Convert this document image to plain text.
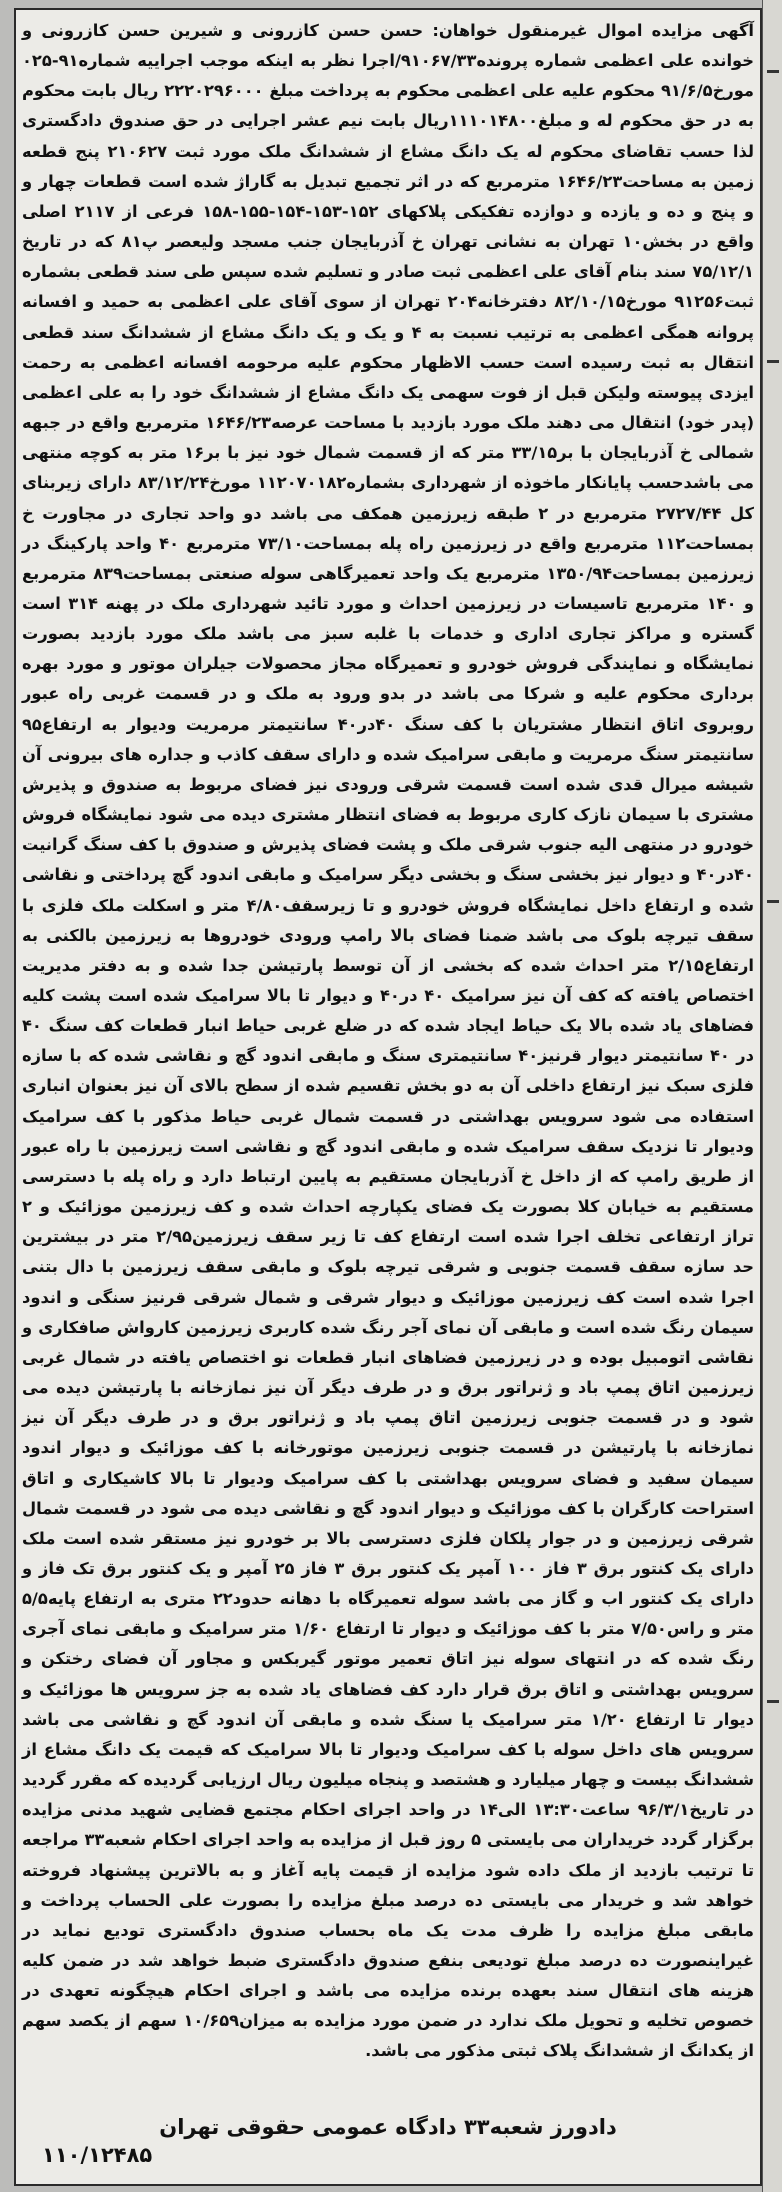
آگهی مزایده اموال غیرمنقول خواهان: حسن حسن کازرونی و شیرین حسن کازرونی و خوانده علی اعظمی شماره پرونده۹۱۰۶۷/۳۳/اجرا نظر به اینکه موجب اجراییه شماره۹۱-۰۲۵ مورخ۹۱/۶/۵ محکوم علیه علی اعظمی محکوم به پرداخت مبلغ ۲۲۲۰۲۹۶۰۰۰ ریال بابت محکوم به در حق محکوم له و مبلغ۱۱۱۰۱۴۸۰۰ریال بابت نیم عشر اجرایی در حق صندوق دادگستری لذا حسب تقاضای محکوم له یک دانگ مشاع از ششدانگ ملک مورد ثبت ۲۱۰۶۲۷ پنج قطعه زمین به مساحت۱۶۴۶/۲۳ مترمربع که در اثر تجمیع تبدیل به گاراژ شده است قطعات چهار و و پنج و ده و یازده و دوازده تفکیکی پلاکهای ۱۵۲-۱۵۳-۱۵۴-۱۵۵-۱۵۸ فرعی از ۲۱۱۷ اصلی واقع در بخش۱۰ تهران به نشانی تهران خ آذربایجان جنب مسجد ولیعصر پ۸۱ که در تاریخ ۷۵/۱۲/۱ سند بنام آقای علی اعظمی ثبت صادر و تسلیم شده سپس طی سند قطعی بشماره ثبت۹۱۲۵۶ مورخ۸۲/۱۰/۱۵ دفترخانه۲۰۴ تهران از سوی آقای علی اعظمی به حمید و افسانه پروانه همگی اعظمی به ترتیب نسبت به ۴ و یک و یک دانگ مشاع از ششدانگ سند قطعی انتقال به ثبت رسیده است حسب الاظهار محکوم علیه مرحومه افسانه اعظمی به رحمت ایزدی پیوسته ولیکن قبل از فوت سهمی یک دانگ مشاع از ششدانگ خود را به علی اعظمی (پدر خود) انتقال می دهند ملک مورد بازدید با مساحت عرصه۱۶۴۶/۲۳ مترمربع واقع در جبهه شمالی خ آذربایجان با بر۳۳/۱۵ متر که از قسمت شمال خود نیز با بر۱۶ متر به کوچه منتهی می باشدحسب پایانکار ماخوذه از شهرداری بشماره۱۱۲۰۷۰۱۸۲ مورخ۸۳/۱۲/۲۴ دارای زیربنای کل ۲۷۲۷/۴۴ مترمربع در ۲ طبقه زیرزمین همکف می باشد دو واحد تجاری در مجاورت خ بمساحت۱۱۲ مترمربع واقع در زیرزمین راه پله بمساحت۷۳/۱۰ مترمربع ۴۰ واحد پارکینگ در زیرزمین بمساحت۱۳۵۰/۹۴ مترمربع یک واحد تعمیرگاهی سوله صنعتی بمساحت۸۳۹ مترمربع و ۱۴۰ مترمربع تاسیسات در زیرزمین احداث و مورد تائید شهرداری ملک در پهنه ۳۱۴ است گستره و مراکز تجاری اداری و خدمات با غلبه سبز می باشد ملک مورد بازدید بصورت نمایشگاه و نمایندگی فروش خودرو و تعمیرگاه مجاز محصولات جیلران موتور و مورد بهره برداری محکوم علیه و شرکا می باشد در بدو ورود به ملک و در قسمت غربی راه عبور روبروی اتاق انتظار مشتریان با کف سنگ ۴۰در۴۰ سانتیمتر مرمریت وديوار به ارتفاع۹۵ سانتیمتر سنگ مرمریت و مابقی سرامیک شده و دارای سقف کاذب و جداره های بیرونی آن شیشه میرال قدی شده است قسمت شرقی ورودی نیز فضای مربوط به صندوق و پذیرش مشتری با سیمان نازک کاری مربوط به فضای انتظار مشتری دیده می شود نمایشگاه فروش خودرو در منتهی الیه جنوب شرقی ملک و پشت فضای پذیرش و صندوق با کف سنگ گرانیت ۴۰در۴۰ و دیوار نیز بخشی سنگ و بخشی دیگر سرامیک و مابقی اندود گچ پرداختی و نقاشی شده و ارتفاع داخل نمایشگاه فروش خودرو و تا زیرسقف۴/۸۰ متر و اسکلت ملک فلزی با سقف تیرچه بلوک می باشد ضمنا فضای بالا رامپ ورودی خودروها به زیرزمین بالکنی به ارتفاع۲/۱۵ متر احداث شده که بخشی از آن توسط پارتیشن جدا شده و به دفتر مدیریت اختصاص یافته که کف آن نیز سرامیک ۴۰ در۴۰ و دیوار تا بالا سرامیک شده است پشت کلیه فضاهای یاد شده بالا یک حیاط ایجاد شده که در ضلع غربی حیاط انبار قطعات کف سنگ ۴۰ در ۴۰ سانتیمتر دیوار قرنیز۴۰ سانتیمتری سنگ و مابقی اندود گچ و نقاشی شده که با سازه فلزی سبک نیز ارتفاع داخلی آن به دو بخش تقسیم شده از سطح بالای آن نیز بعنوان انباری استفاده می شود سرویس بهداشتی در قسمت شمال غربی حیاط مذکور با کف سرامیک ودیوار تا نزدیک سقف سرامیک شده و مابقی اندود گچ و نقاشی است زیرزمین با راه عبور از طریق رامپ که از داخل خ آذربایجان مستقیم به پایین ارتباط دارد و راه پله با دسترسی مستقیم به خیابان کلا بصورت یک فضای یکپارچه احداث شده و کف زیرزمین موزائیک و ۲ تراز ارتفاعی تخلف اجرا شده است ارتفاع کف تا زیر سقف زیرزمین۲/۹۵ متر در بیشترین حد سازه سقف قسمت جنوبی و شرقی تیرچه بلوک و مابقی سقف زیرزمین با دال بتنی اجرا شده است کف زیرزمین موزائیک و دیوار شرقی و شمال شرقی قرنیز سنگی و اندود سیمان رنگ شده است و مابقی آن نمای آجر رنگ شده کاربری زیرزمین کارواش صافکاری و نقاشی اتومبیل بوده و در زیرزمین فضاهای انبار قطعات نو اختصاص یافته در شمال غربی زیرزمین اتاق پمپ باد و ژنراتور برق و در طرف دیگر آن نیز نمازخانه با پارتیشن دیده می شود و در قسمت جنوبی زیرزمین اتاق پمپ باد و ژنراتور برق و در طرف دیگر آن نیز نمازخانه با پارتیشن در قسمت جنوبی زیرزمین موتورخانه با کف موزائیک و دیوار اندود سیمان سفید و فضای سرویس بهداشتی با کف سرامیک ودیوار تا بالا کاشیکاری و اتاق استراحت کارگران با کف موزائیک و دیوار اندود گچ و نقاشی دیده می شود در قسمت شمال شرقی زیرزمین و در جوار پلکان فلزی دسترسی بالا بر خودرو نیز مستقر شده است ملک دارای یک کنتور برق ۳ فاز ۱۰۰ آمپر یک کنتور برق ۳ فاز ۲۵ آمپر و یک کنتور برق تک فاز و دارای یک کنتور اب و گاز می باشد سوله تعمیرگاه با دهانه حدود۲۲ متری به ارتفاع پایه۵/۵ متر و راس۷/۵۰ متر با کف موزائیک و دیوار تا ارتفاع ۱/۶۰ متر سرامیک و مابقی نمای آجری رنگ شده که در انتهای سوله نیز اتاق تعمیر موتور گیربکس و مجاور آن فضای رختکن و سرویس بهداشتی و اتاق برق قرار دارد کف فضاهای یاد شده به جز سرویس ها موزائیک و دیوار تا ارتفاع ۱/۲۰ متر سرامیک یا سنگ شده و مابقی آن اندود گچ و نقاشی می باشد سرویس های داخل سوله با کف سرامیک ودیوار تا بالا سرامیک که قیمت یک دانگ مشاع از ششدانگ بیست و چهار میلیارد و هشتصد و پنجاه میلیون ریال ارزیابی گردیده که مقرر گردید در تاریخ۹۶/۳/۱ ساعت۱۳:۳۰ الی۱۴ در واحد اجرای احکام مجتمع قضایی شهید مدنی مزایده برگزار گردد خریداران می بایستی ۵ روز قبل از مزایده به واحد اجرای احکام شعبه۳۳ مراجعه تا ترتیب بازدید از ملک داده شود مزایده از قیمت پایه آغاز و به بالاترین پیشنهاد فروخته خواهد شد و خریدار می بایستی ده درصد مبلغ مزایده را بصورت علی الحساب پرداخت و مابقی مبلغ مزایده را ظرف مدت یک ماه بحساب صندوق دادگستری تودیع نماید در غیراینصورت ده درصد مبلغ تودیعی بنفع صندوق دادگستری ضبط خواهد شد در ضمن کلیه هزینه های انتقال سند بعهده برنده مزایده می باشد و اجرای احکام هیچگونه تعهدی در خصوص تخلیه و تحویل ملک ندارد در ضمن مورد مزایده به میزان۱۰/۶۵۹ سهم از یکصد سهم از یکدانگ از ششدانگ پلاک ثبتی مذکور می باشد.

دادورز شعبه۳۳ دادگاه عمومی حقوقی تهران
۱۱۰/۱۲۴۸۵
